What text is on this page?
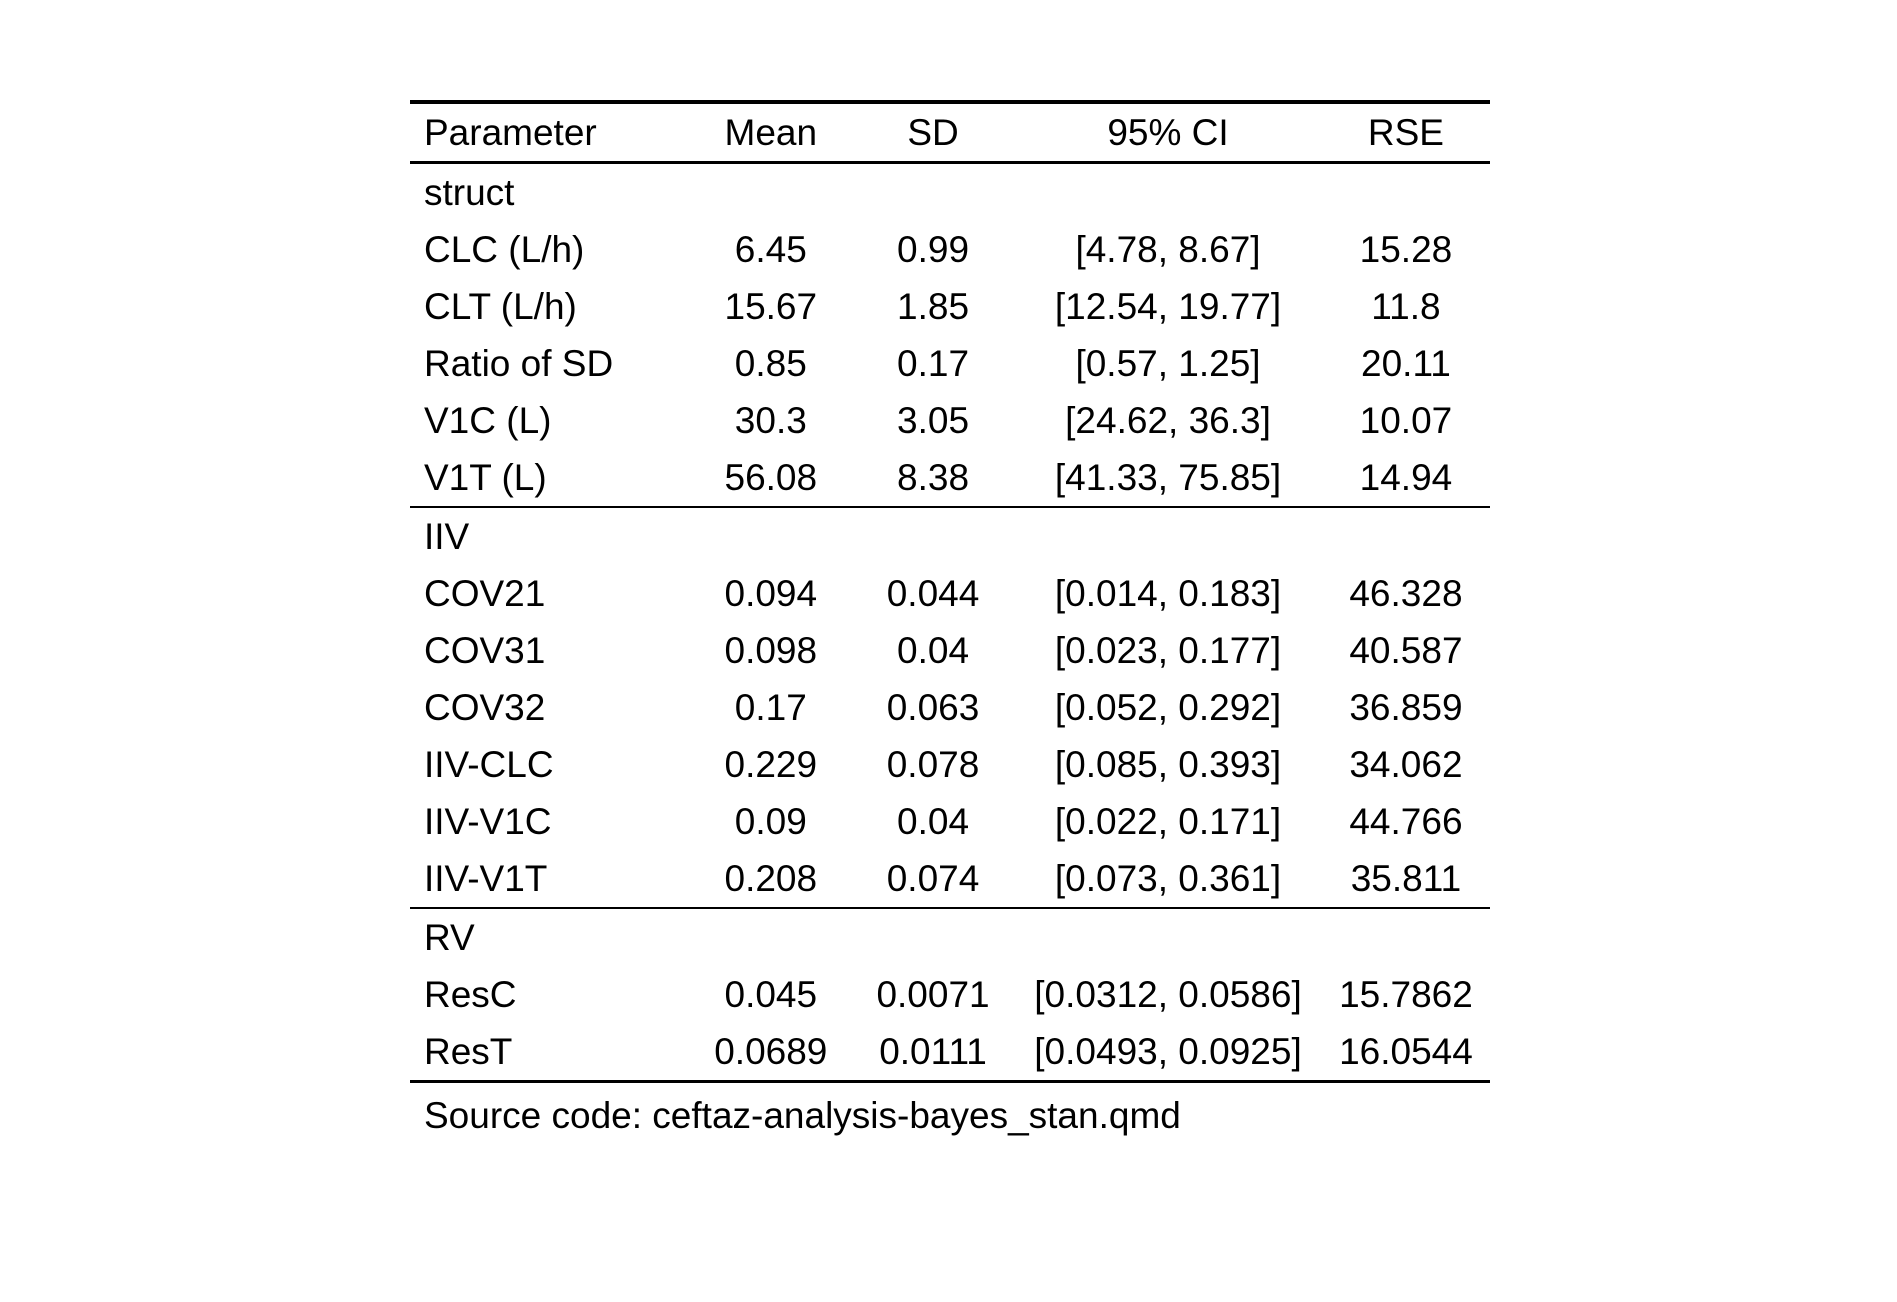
Parameter	Mean	SD	95% CI	RSE
struct				
CLC (L/h)	6.45	0.99	[4.78, 8.67]	15.28
CLT (L/h)	15.67	1.85	[12.54, 19.77]	11.8
Ratio of SD	0.85	0.17	[0.57, 1.25]	20.11
V1C (L)	30.3	3.05	[24.62, 36.3]	10.07
V1T (L)	56.08	8.38	[41.33, 75.85]	14.94
IIV				
COV21	0.094	0.044	[0.014, 0.183]	46.328
COV31	0.098	0.04	[0.023, 0.177]	40.587
COV32	0.17	0.063	[0.052, 0.292]	36.859
IIV-CLC	0.229	0.078	[0.085, 0.393]	34.062
IIV-V1C	0.09	0.04	[0.022, 0.171]	44.766
IIV-V1T	0.208	0.074	[0.073, 0.361]	35.811
RV				
ResC	0.045	0.0071	[0.0312, 0.0586]	15.7862
ResT	0.0689	0.0111	[0.0493, 0.0925]	16.0544
Source code: ceftaz-analysis-bayes_stan.qmd				
